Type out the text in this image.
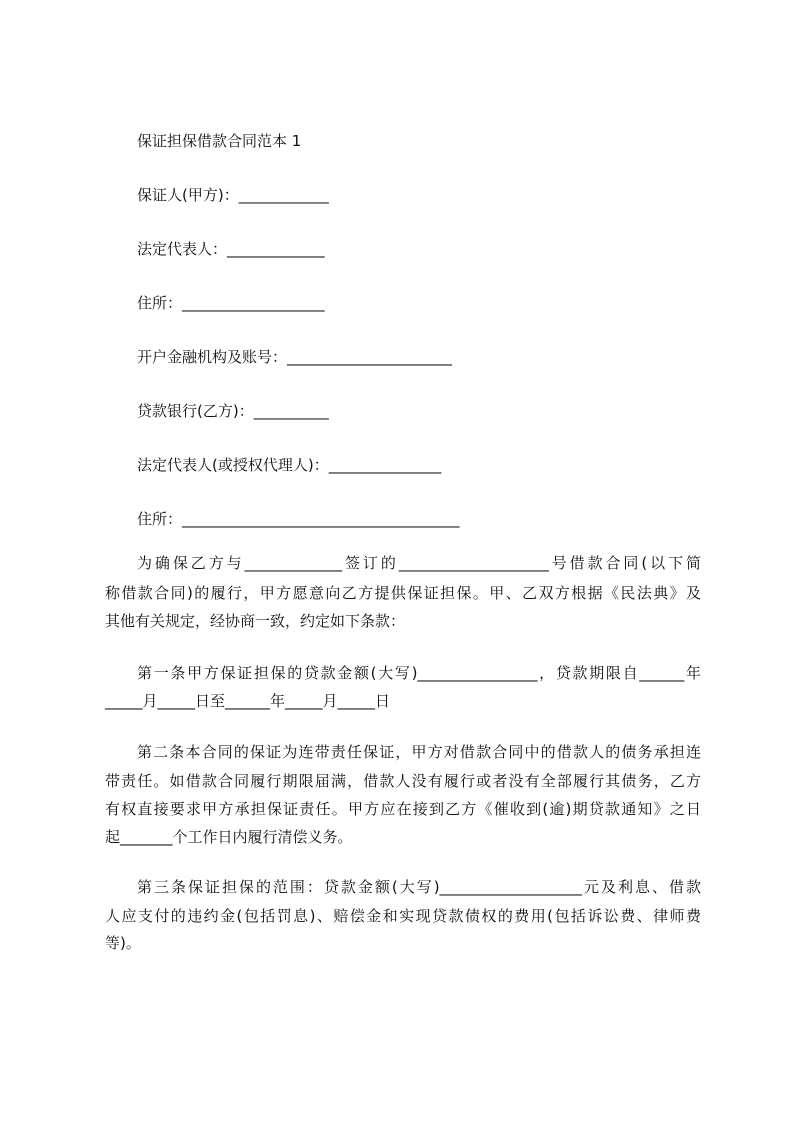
保证担保借款合同范本 1
保证人(甲方)：____________
法定代表人：_____________
住所：___________________
开户金融机构及账号：______________________
贷款银行(乙方)：__________
法定代表人(或授权代理人)：_______________
住所：_____________________________________
为确保乙方与_____________签订的____________________号借款合同(以下简
称借款合同)的履行，甲方愿意向乙方提供保证担保。甲、乙双方根据《民法典》及
其他有关规定，经协商一致，约定如下条款：
第一条甲方保证担保的贷款金额(大写)________________，贷款期限自______年
_____月_____日至______年_____月_____日
第二条本合同的保证为连带责任保证，甲方对借款合同中的借款人的债务承担连
带责任。如借款合同履行期限届满，借款人没有履行或者没有全部履行其债务，乙方
有权直接要求甲方承担保证责任。甲方应在接到乙方《催收到(逾)期贷款通知》之日
起_______个工作日内履行清偿义务。
第三条保证担保的范围：贷款金额(大写)___________________元及利息、借款
人应支付的违约金(包括罚息)、赔偿金和实现贷款债权的费用(包括诉讼费、律师费
等)。
